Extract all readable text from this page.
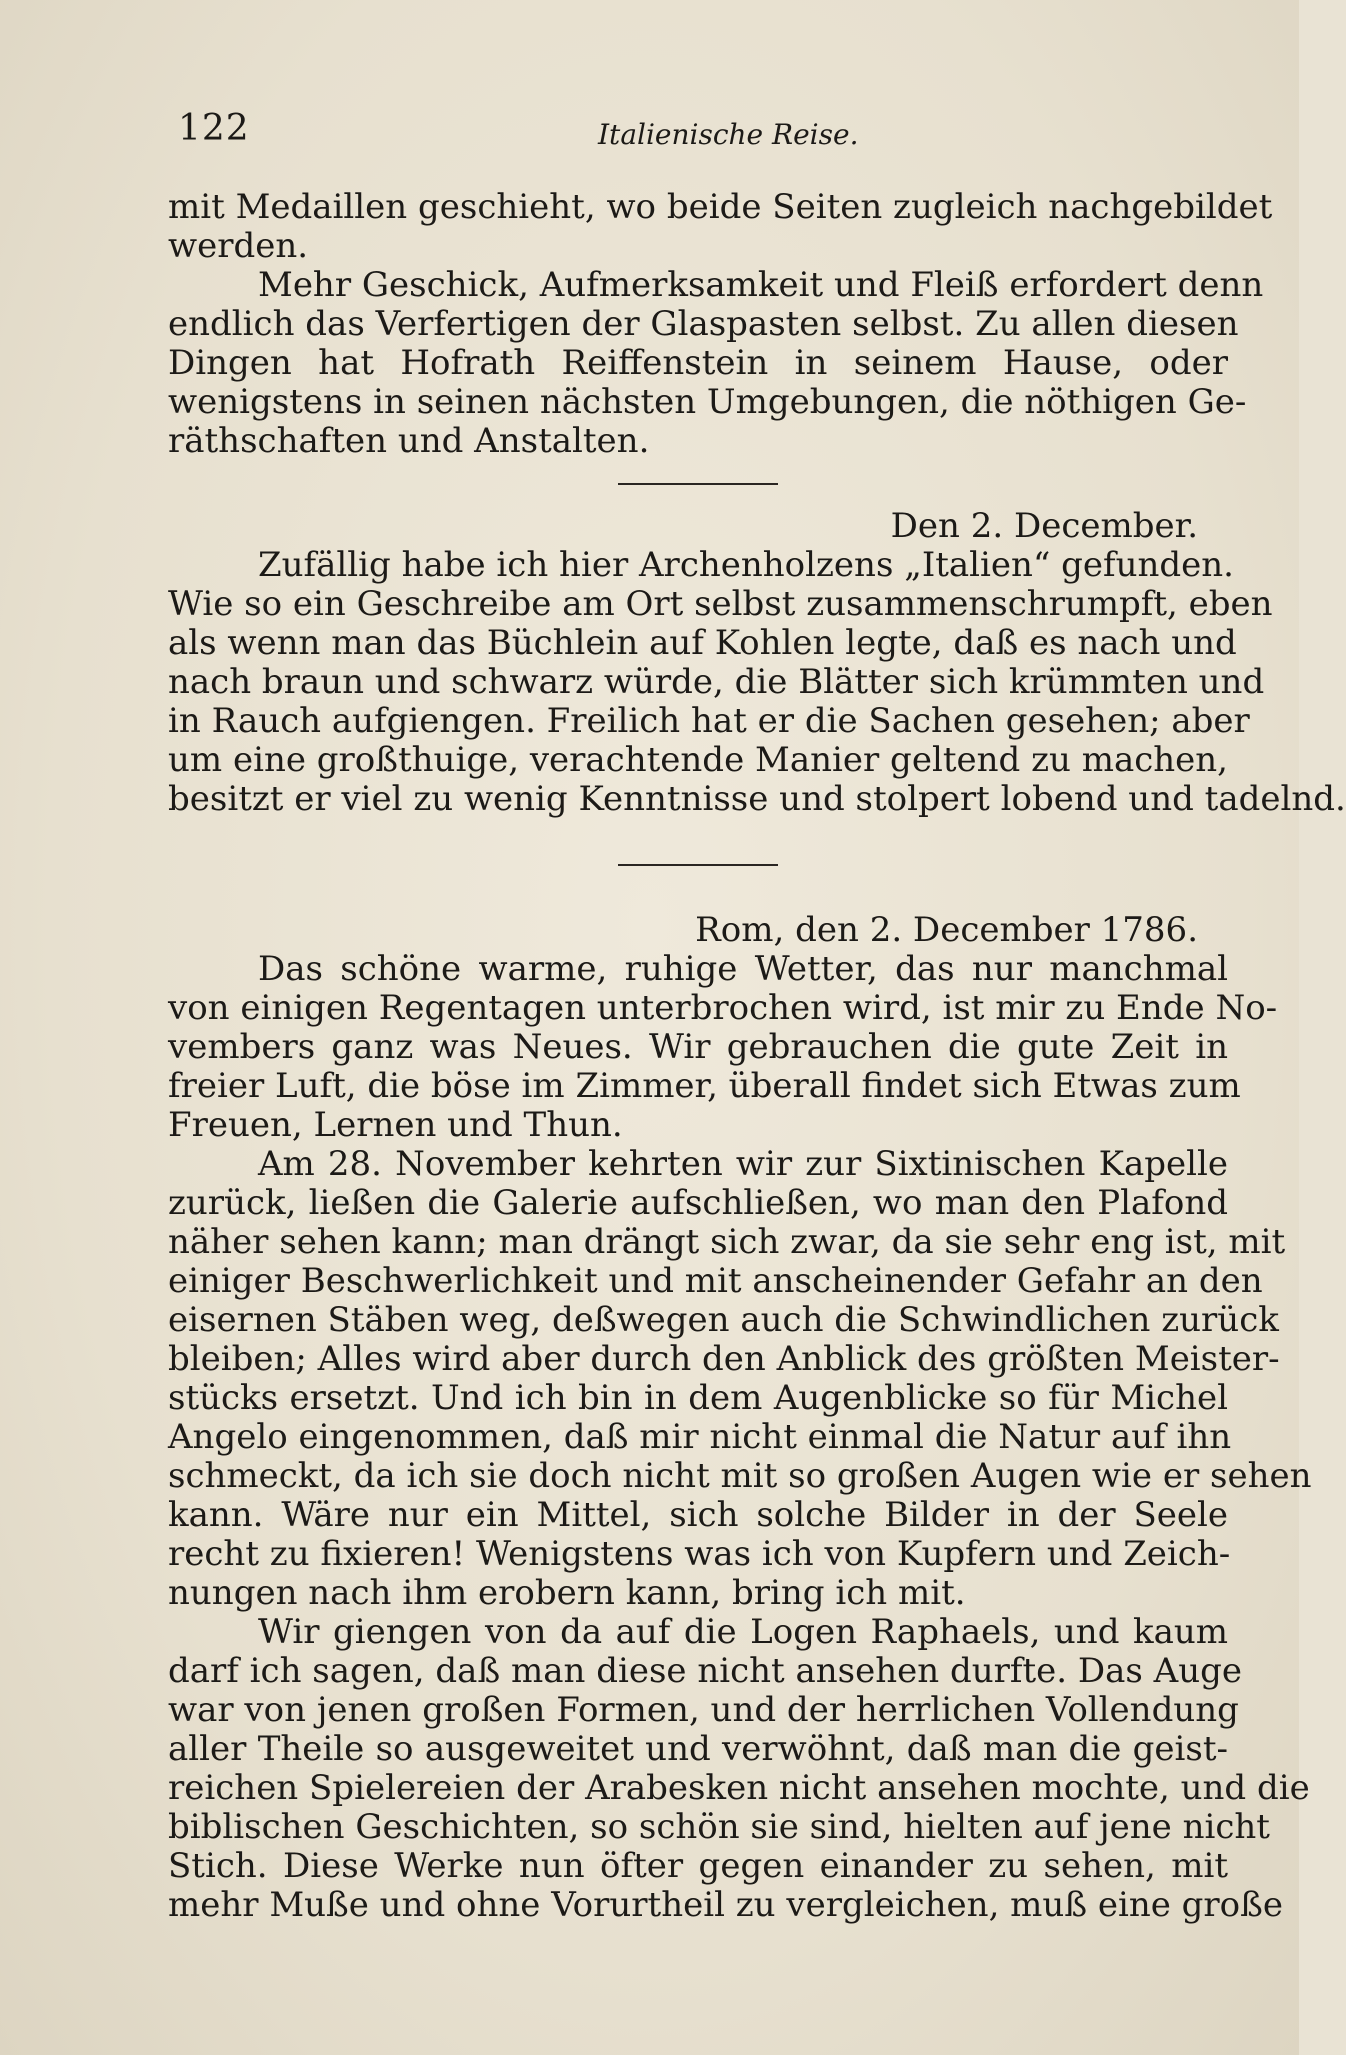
122	Italienische Reise.
mit Medaillen geschieht, wo beide Seiten zugleich nachgebildet
werden.
Mehr Geschick, Aufmerksamkeit und Fleiß erfordert denn
endlich das Verfertigen der Glaspasten selbst. Zu allen diesen
Dingen hat Hofrath Reiffenstein in seinem Hause, oder
wenigstens in seinen nächsten Umgebungen, die nöthigen Ge-
räthschaften und Anstalten.
Den 2. December.
Zufällig habe ich hier Archenholzens „Italien“ gefunden.
Wie so ein Geschreibe am Ort selbst zusammenschrumpft, eben
als wenn man das Büchlein auf Kohlen legte, daß es nach und
nach braun und schwarz würde, die Blätter sich krümmten und
in Rauch aufgiengen. Freilich hat er die Sachen gesehen; aber
um eine großthuige, verachtende Manier geltend zu machen,
besitzt er viel zu wenig Kenntnisse und stolpert lobend und tadelnd.
Rom, den 2. December 1786.
Das schöne warme, ruhige Wetter, das nur manchmal
von einigen Regentagen unterbrochen wird, ist mir zu Ende No-
vembers ganz was Neues. Wir gebrauchen die gute Zeit in
freier Luft, die böse im Zimmer, überall findet sich Etwas zum
Freuen, Lernen und Thun.
Am 28. November kehrten wir zur Sixtinischen Kapelle
zurück, ließen die Galerie aufschließen, wo man den Plafond
näher sehen kann; man drängt sich zwar, da sie sehr eng ist, mit
einiger Beschwerlichkeit und mit anscheinender Gefahr an den
eisernen Stäben weg, deßwegen auch die Schwindlichen zurück
bleiben; Alles wird aber durch den Anblick des größten Meister-
stücks ersetzt. Und ich bin in dem Augenblicke so für Michel
Angelo eingenommen, daß mir nicht einmal die Natur auf ihn
schmeckt, da ich sie doch nicht mit so großen Augen wie er sehen
kann. Wäre nur ein Mittel, sich solche Bilder in der Seele
recht zu fixieren! Wenigstens was ich von Kupfern und Zeich-
nungen nach ihm erobern kann, bring ich mit.
Wir giengen von da auf die Logen Raphaels, und kaum
darf ich sagen, daß man diese nicht ansehen durfte. Das Auge
war von jenen großen Formen, und der herrlichen Vollendung
aller Theile so ausgeweitet und verwöhnt, daß man die geist-
reichen Spielereien der Arabesken nicht ansehen mochte, und die
biblischen Geschichten, so schön sie sind, hielten auf jene nicht
Stich. Diese Werke nun öfter gegen einander zu sehen, mit
mehr Muße und ohne Vorurtheil zu vergleichen, muß eine große
